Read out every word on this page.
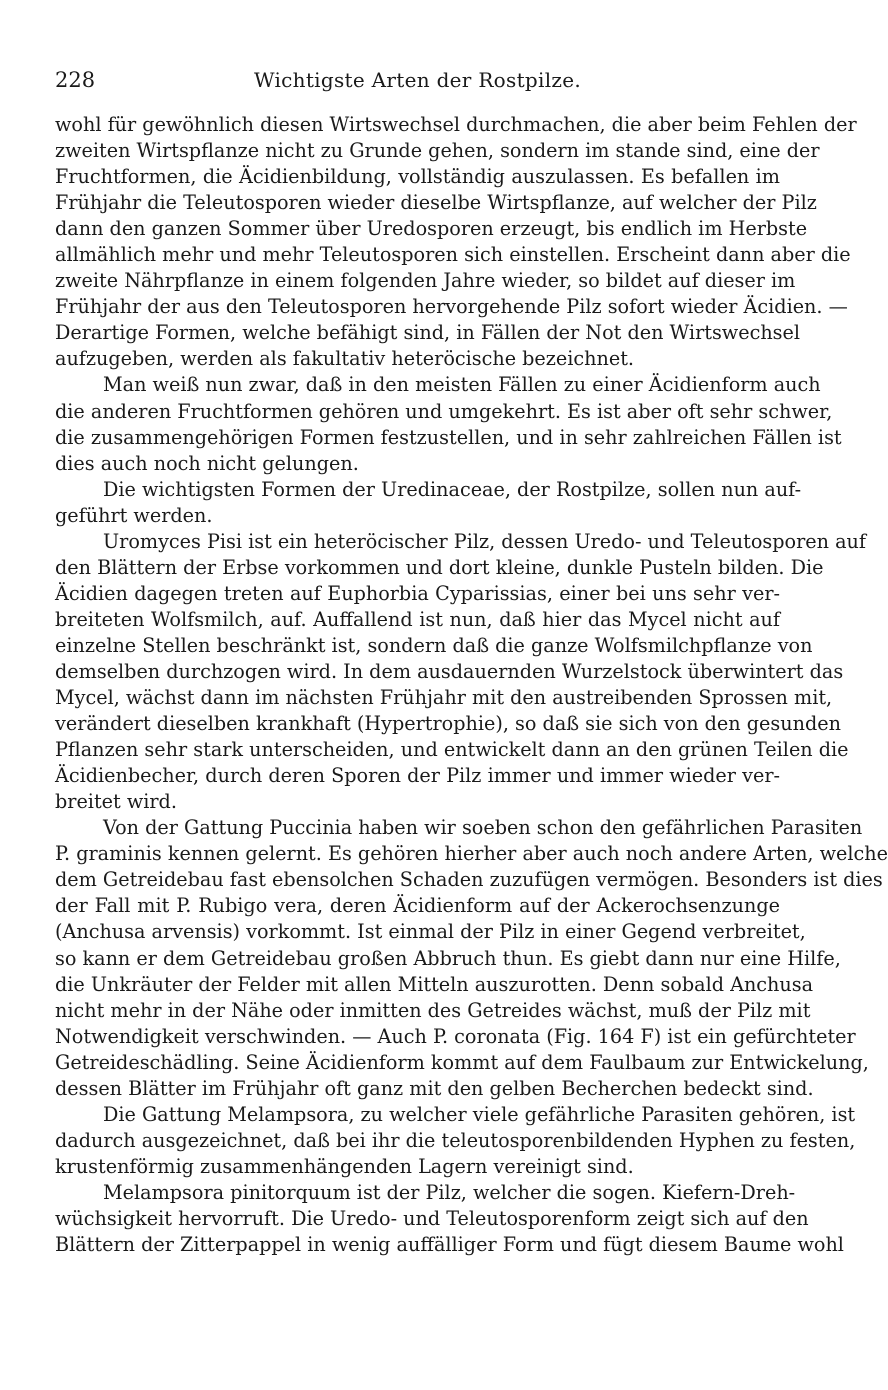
228	Wichtigste Arten der Rostpilze.
wohl für gewöhnlich diesen Wirtswechsel durchmachen, die aber beim Fehlen der
zweiten Wirtspflanze nicht zu Grunde gehen, sondern im stande sind, eine der
Fruchtformen, die Äcidienbildung, vollständig auszulassen. Es befallen im
Frühjahr die Teleutosporen wieder dieselbe Wirtspflanze, auf welcher der Pilz
dann den ganzen Sommer über Uredosporen erzeugt, bis endlich im Herbste
allmählich mehr und mehr Teleutosporen sich einstellen. Erscheint dann aber die
zweite Nährpflanze in einem folgenden Jahre wieder, so bildet auf dieser im
Frühjahr der aus den Teleutosporen hervorgehende Pilz sofort wieder Äcidien. —
Derartige Formen, welche befähigt sind, in Fällen der Not den Wirtswechsel
aufzugeben, werden als fakultativ heteröcische bezeichnet.
Man weiß nun zwar, daß in den meisten Fällen zu einer Äcidienform auch
die anderen Fruchtformen gehören und umgekehrt. Es ist aber oft sehr schwer,
die zusammengehörigen Formen festzustellen, und in sehr zahlreichen Fällen ist
dies auch noch nicht gelungen.
Die wichtigsten Formen der Uredinaceae, der Rostpilze, sollen nun auf-
geführt werden.
Uromyces Pisi ist ein heteröcischer Pilz, dessen Uredo- und Teleutosporen auf
den Blättern der Erbse vorkommen und dort kleine, dunkle Pusteln bilden. Die
Äcidien dagegen treten auf Euphorbia Cyparissias, einer bei uns sehr ver-
breiteten Wolfsmilch, auf. Auffallend ist nun, daß hier das Mycel nicht auf
einzelne Stellen beschränkt ist, sondern daß die ganze Wolfsmilchpflanze von
demselben durchzogen wird. In dem ausdauernden Wurzelstock überwintert das
Mycel, wächst dann im nächsten Frühjahr mit den austreibenden Sprossen mit,
verändert dieselben krankhaft (Hypertrophie), so daß sie sich von den gesunden
Pflanzen sehr stark unterscheiden, und entwickelt dann an den grünen Teilen die
Äcidienbecher, durch deren Sporen der Pilz immer und immer wieder ver-
breitet wird.
Von der Gattung Puccinia haben wir soeben schon den gefährlichen Parasiten
P. graminis kennen gelernt. Es gehören hierher aber auch noch andere Arten, welche
dem Getreidebau fast ebensolchen Schaden zuzufügen vermögen. Besonders ist dies
der Fall mit P. Rubigo vera, deren Äcidienform auf der Ackerochsenzunge
(Anchusa arvensis) vorkommt. Ist einmal der Pilz in einer Gegend verbreitet,
so kann er dem Getreidebau großen Abbruch thun. Es giebt dann nur eine Hilfe,
die Unkräuter der Felder mit allen Mitteln auszurotten. Denn sobald Anchusa
nicht mehr in der Nähe oder inmitten des Getreides wächst, muß der Pilz mit
Notwendigkeit verschwinden. — Auch P. coronata (Fig. 164 F) ist ein gefürchteter
Getreideschädling. Seine Äcidienform kommt auf dem Faulbaum zur Entwickelung,
dessen Blätter im Frühjahr oft ganz mit den gelben Becherchen bedeckt sind.
Die Gattung Melampsora, zu welcher viele gefährliche Parasiten gehören, ist
dadurch ausgezeichnet, daß bei ihr die teleutosporenbildenden Hyphen zu festen,
krustenförmig zusammenhängenden Lagern vereinigt sind.
Melampsora pinitorquum ist der Pilz, welcher die sogen. Kiefern-Dreh-
wüchsigkeit hervorruft. Die Uredo- und Teleutosporenform zeigt sich auf den
Blättern der Zitterpappel in wenig auffälliger Form und fügt diesem Baume wohl
